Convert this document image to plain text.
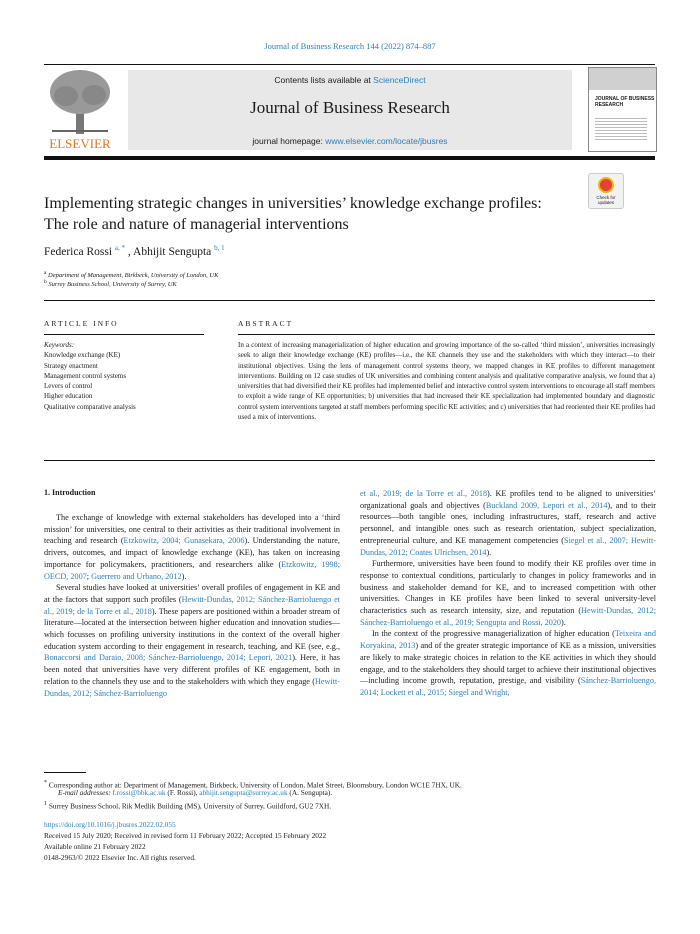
Journal of Business Research 144 (2022) 874–887
ELSEVIER
Contents lists available at ScienceDirect
Journal of Business Research
journal homepage: www.elsevier.com/locate/jbusres
JOURNAL OF BUSINESS RESEARCH
Check for updates
Implementing strategic changes in universities’ knowledge exchange profiles: The role and nature of managerial interventions
Federica Rossi $^{a, *}$ , Abhijit Sengupta $^{b, 1}$
$^a$ Department of Management, Birkbeck, University of London, UK
$^b$ Surrey Business School, University of Surrey, UK
ARTICLE INFO	ABSTRACT
Keywords:
Knowledge exchange (KE)
Strategy enactment
Management control systems
Levers of control
Higher education
Qualitative comparative analysis
In a context of increasing managerialization of higher education and growing importance of the so-called ‘third mission’, universities increasingly seek to align their knowledge exchange (KE) profiles—i.e., the KE channels they use and the stakeholders with which they interact—to their institutional objectives. Using the lens of management control systems theory, we mapped changes in KE profiles to different management interventions. Building on 12 case studies of UK universities and combining content analysis and qualitative comparative analysis, we found that a) universities that had diversified their KE profiles had implemented belief and interactive control system interventions to encourage all staff members to exploit a wide range of KE opportunities; b) universities that had increased their KE specialization had implemented boundary and diagnostic control system interventions targeted at staff members performing specific KE activities; and c) universities that had reoriented their KE profiles had used a mix of interventions.
1. Introduction

The exchange of knowledge with external stakeholders has developed into a ‘third mission’ for universities, one central to their activities as their traditional involvement in teaching and research (Etzkowitz, 2004; Gunasekara, 2006). Understanding the nature, drivers, outcomes, and impact of knowledge exchange (KE), has taken on increasing importance for policymakers, practitioners, and researchers alike (Etzkowitz, 1998; OECD, 2007; Guerrero and Urbano, 2012).

Several studies have looked at universities’ overall profiles of engagement in KE and at the factors that support such profiles (Hewitt-Dundas, 2012; Sánchez-Barrioluengo et al., 2019; de la Torre et al., 2018). These papers are positioned within a broader stream of literature—located at the intersection between higher education and innovation studies—which focusses on profiling university institutions in the context of the overall higher education system according to their engagement in research, teaching, and KE (see, e.g., Bonaccorsi and Daraio, 2008; Sánchez-Barrioluengo, 2014; Lepori, 2021). Here, it has been noted that universities have very different profiles of KE engagement, both in relation to the channels they use and to the stakeholders with which they engage (Hewitt-Dundas, 2012; Sánchez-Barrioluengo

et al., 2019; de la Torre et al., 2018). KE profiles tend to be aligned to universities’ organizational goals and objectives (Buckland 2009, Lepori et al., 2014), and to their resources—both tangible ones, including infrastructures, staff, research and active personnel, and intangible ones such as research orientation, subject specialization, entrepreneurial culture, and KE management competencies (Siegel et al., 2007; Hewitt-Dundas, 2012; Coates Ulrichsen, 2014).

Furthermore, universities have been found to modify their KE profiles over time in response to contextual conditions, particularly to changes in policy frameworks and in business and stakeholder demand for KE, and to increased competition with other universities. Changes in KE profiles have been linked to several university-level characteristics such as research intensity, size, and reputation (Hewitt-Dundas, 2012; Sánchez-Barrioluengo et al., 2019; Sengupta and Rossi, 2020).

In the context of the progressive managerialization of higher education (Teixeira and Koryakina, 2013) and of the greater strategic importance of KE as a mission, universities are likely to make strategic choices in relation to the KE activities in which they should engage, and to the stakeholders they should target to achieve their institutional objectives—including income growth, reputation, prestige, and visibility (Sánchez-Barrioluengo, 2014; Lockett et al., 2015; Siegel and Wright,

* Corresponding author at: Department of Management, Birkbeck, University of London, Malet Street, Bloomsbury, London WC1E 7HX, UK.
E-mail addresses: f.rossi@bbk.ac.uk (F. Rossi), abhijit.sengupta@surrey.ac.uk (A. Sengupta).
$^1$ Surrey Business School, Rik Medlik Building (MS), University of Surrey, Guildford, GU2 7XH.
https://doi.org/10.1016/j.jbusres.2022.02.055
Received 15 July 2020; Received in revised form 11 February 2022; Accepted 15 February 2022
Available online 21 February 2022
0148-2963/© 2022 Elsevier Inc. All rights reserved.
